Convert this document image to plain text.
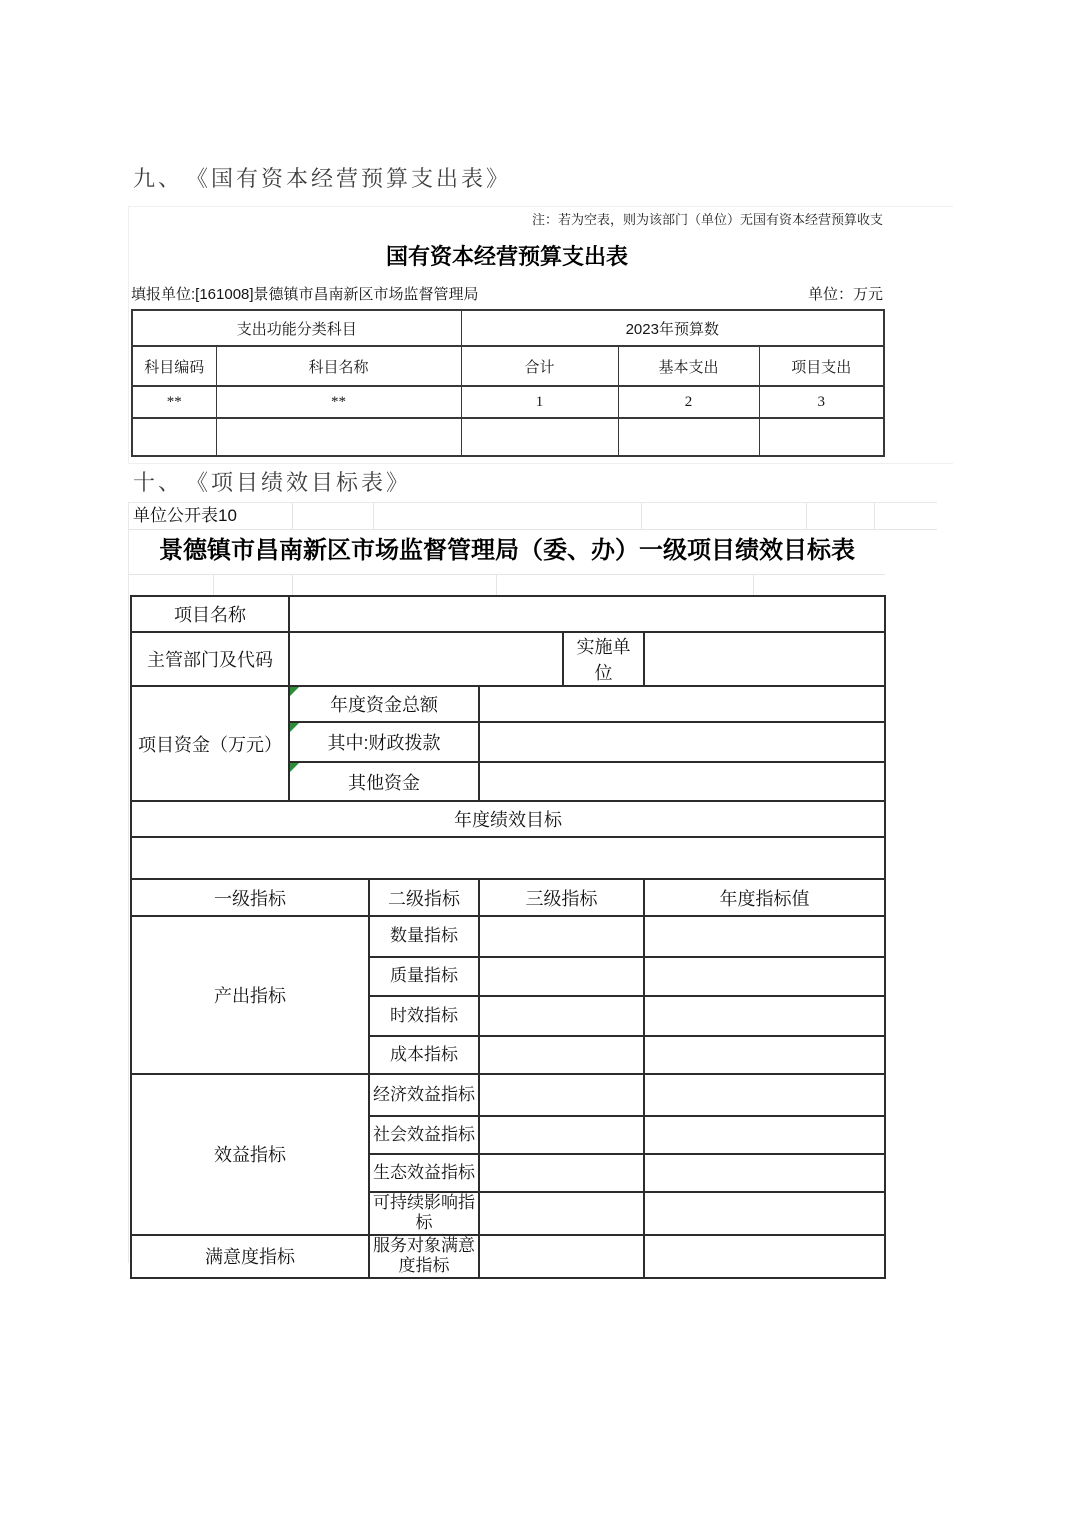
九、　《国有资本经营预算支出表》
注：若为空表，则为该部门（单位）无国有资本经营预算收支
国有资本经营预算支出表
填报单位:[161008]景德镇市昌南新区市场监督管理局	单位：万元
支出功能分类科目		2023年预算数		
科目编码	科目名称	合计	基本支出	项目支出
**	**	1	2	3

十、　《项目绩效目标表》
单位公开表10
景德镇市昌南新区市场监督管理局（委、办）一级项目绩效目标表
项目名称					
主管部门及代码				实施单位	
项目资金（万元）	年度资金总额				

其中:财政拨款				

其他资金				
年度绩效目标					

一级指标		二级指标	三级指标		年度指标值
产出指标		数量指标			
		质量指标			
		时效指标			
		成本指标			
效益指标		经济效益指标			
		社会效益指标			
		生态效益指标			
		可持续影响指标			
满意度指标		服务对象满意度指标			
